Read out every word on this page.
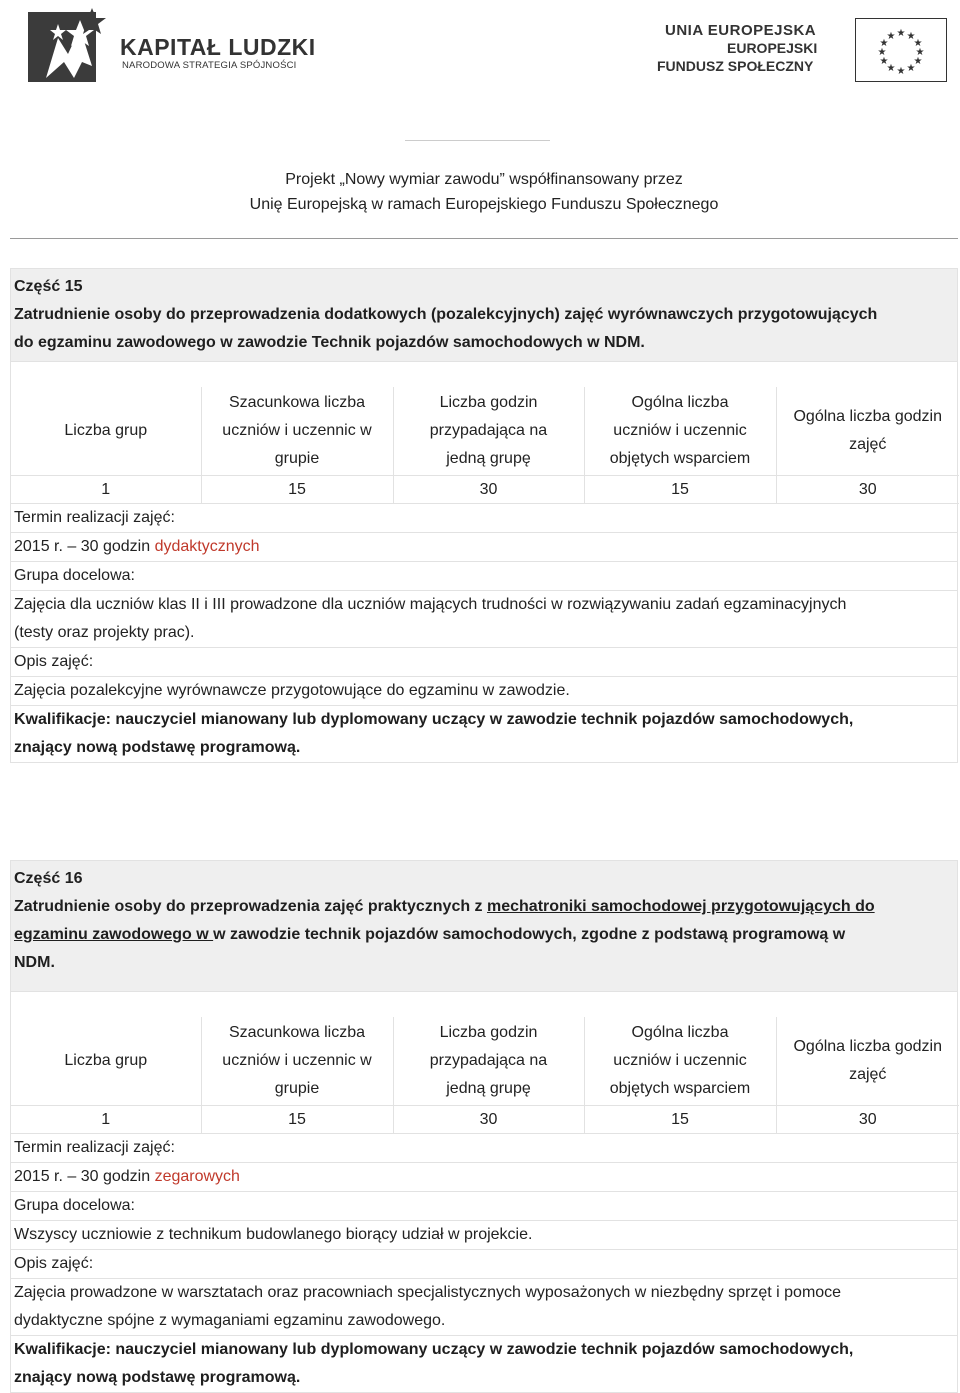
KAPITAŁ LUDZKI
NARODOWA STRATEGIA SPÓJNOŚCI
UNIA EUROPEJSKA
EUROPEJSKI
FUNDUSZ SPOŁECZNY
★ ★
★
★
★
★
★
★
★
★
★
★
Projekt „Nowy wymiar zawodu” współfinansowany przez
Unię Europejską w ramach Europejskiego Funduszu Społecznego
Część 15
Zatrudnienie osoby do przeprowadzenia dodatkowych (pozalekcyjnych) zajęć wyrównawczych przygotowujących
do egzaminu zawodowego w zawodzie Technik pojazdów samochodowych w NDM.
Liczba grup	Szacunkowa liczba
uczniów i uczennic w
grupie	Liczba godzin
przypadająca na
jedną grupę	Ogólna liczba
uczniów i uczennic
objętych wsparciem	Ogólna liczba godzin
zajęć
1	15	30	15	30
Termin realizacji zajęć:
2015 r. – 30 godzin dydaktycznych
Grupa docelowa:
Zajęcia dla uczniów klas II i III prowadzone dla uczniów mających trudności w rozwiązywaniu zadań egzaminacyjnych
(testy oraz projekty prac).
Opis zajęć:
Zajęcia pozalekcyjne wyrównawcze przygotowujące do egzaminu w zawodzie.
Kwalifikacje: nauczyciel mianowany lub dyplomowany uczący w zawodzie technik pojazdów samochodowych,
znający nową podstawę programową.
Część 16
Zatrudnienie osoby do przeprowadzenia zajęć praktycznych z mechatroniki samochodowej przygotowujących do
egzaminu zawodowego w w zawodzie technik pojazdów samochodowych, zgodne z podstawą programową w
NDM.
Liczba grup	Szacunkowa liczba
uczniów i uczennic w
grupie	Liczba godzin
przypadająca na
jedną grupę	Ogólna liczba
uczniów i uczennic
objętych wsparciem	Ogólna liczba godzin
zajęć
1	15	30	15	30
Termin realizacji zajęć:
2015 r. – 30 godzin zegarowych
Grupa docelowa:
Wszyscy uczniowie z technikum budowlanego biorący udział w projekcie.
Opis zajęć:
Zajęcia prowadzone w warsztatach oraz pracowniach specjalistycznych wyposażonych w niezbędny sprzęt i pomoce
dydaktyczne spójne z wymaganiami egzaminu zawodowego.
Kwalifikacje: nauczyciel mianowany lub dyplomowany uczący w zawodzie technik pojazdów samochodowych,
znający nową podstawę programową.
